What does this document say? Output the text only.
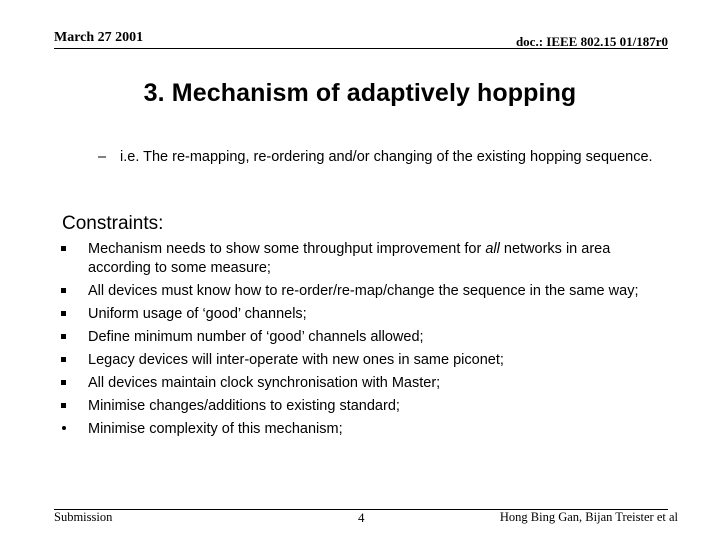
March 27 2001	doc.: IEEE 802.15 01/187r0
3. Mechanism of adaptively hopping
– i.e. The re-mapping, re-ordering and/or changing of the existing hopping sequence.
Constraints:
Mechanism needs to show some throughput improvement for all networks in area according to some measure;
All devices must know how to re-order/re-map/change the sequence in the same way;
Uniform usage of ‘good’ channels;
Define minimum number of ‘good’ channels allowed;
Legacy devices will inter-operate with new ones in same piconet;
All devices maintain clock synchronisation with Master;
Minimise changes/additions to existing standard;
Minimise complexity of this mechanism;
Submission	4	Hong Bing Gan, Bijan Treister et al
